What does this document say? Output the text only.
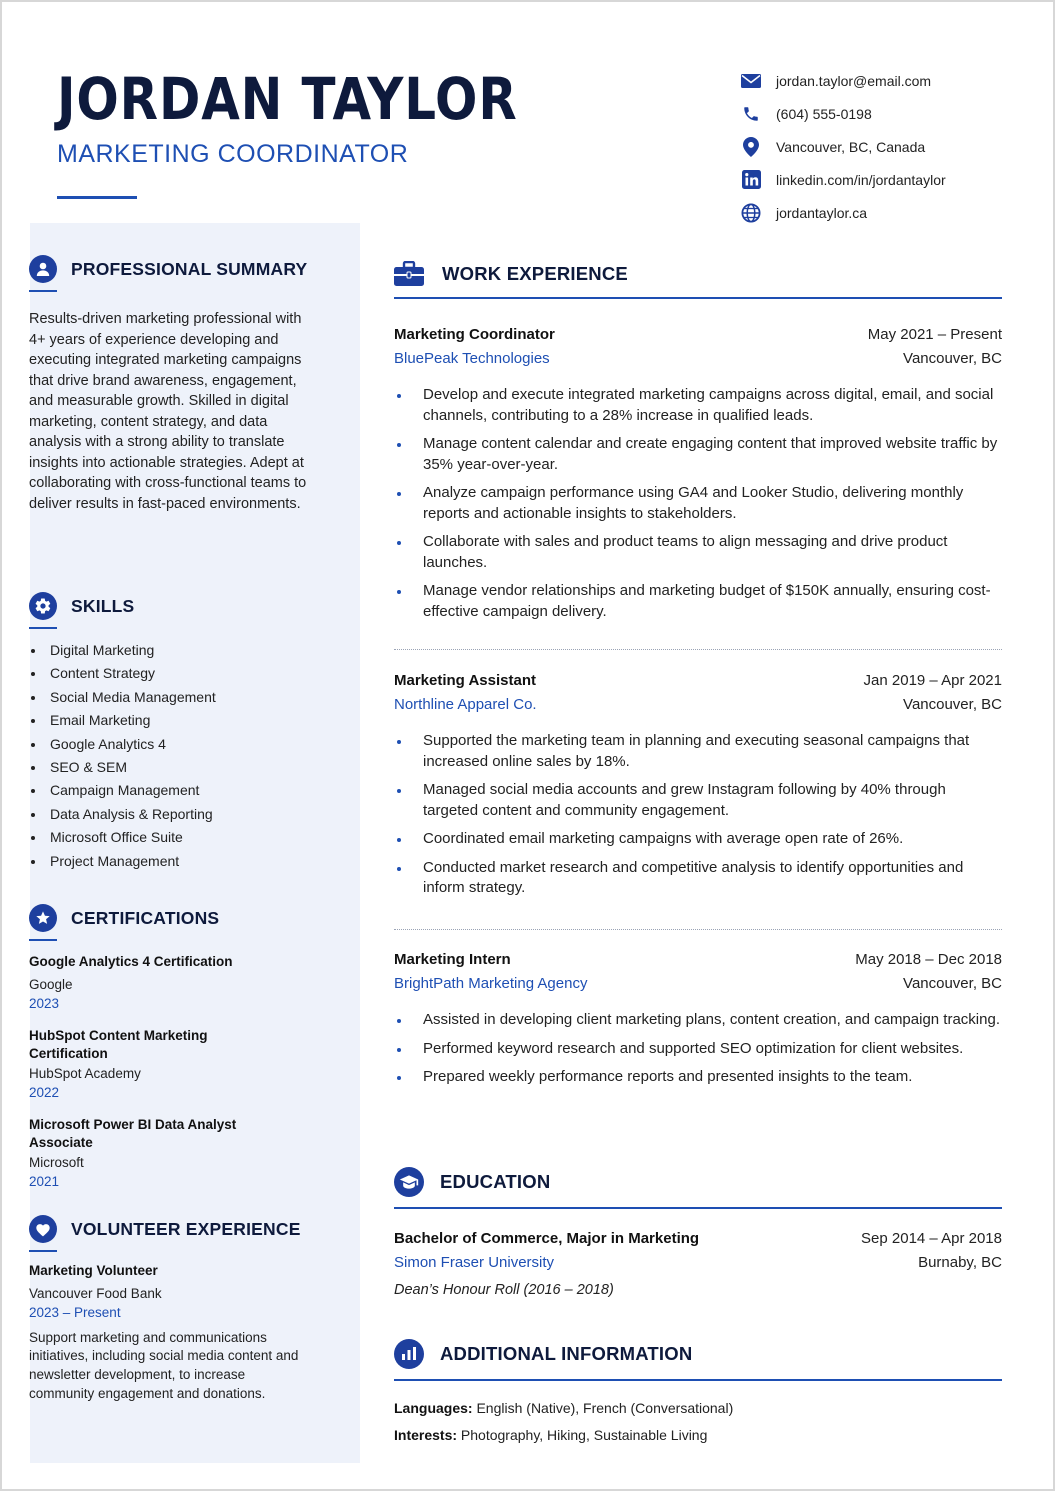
JORDAN TAYLOR
MARKETING COORDINATOR
jordan.taylor@email.com
(604) 555-0198
Vancouver, BC, Canada
linkedin.com/in/jordantaylor
jordantaylor.ca
PROFESSIONAL SUMMARY

Results-driven marketing professional with 4+ years of experience developing and executing integrated marketing campaigns that drive brand awareness, engagement, and measurable growth. Skilled in digital marketing, content strategy, and data analysis with a strong ability to translate insights into actionable strategies. Adept at collaborating with cross-functional teams to deliver results in fast-paced environments.

SKILLS
Digital Marketing
Content Strategy
Social Media Management
Email Marketing
Google Analytics 4
SEO & SEM
Campaign Management
Data Analysis & Reporting
Microsoft Office Suite
Project Management
CERTIFICATIONS
Google Analytics 4 Certification
Google
2023
HubSpot Content Marketing Certification
HubSpot Academy
2022
Microsoft Power BI Data Analyst Associate
Microsoft
2021
VOLUNTEER EXPERIENCE
Marketing Volunteer
Vancouver Food Bank
2023 – Present

Support marketing and communications initiatives, including social media content and newsletter development, to increase community engagement and donations.

WORK EXPERIENCE
Marketing Coordinator	May 2021 – Present
BluePeak Technologies	Vancouver, BC
Develop and execute integrated marketing campaigns across digital, email, and social channels, contributing to a 28% increase in qualified leads.
Manage content calendar and create engaging content that improved website traffic by 35% year-over-year.
Analyze campaign performance using GA4 and Looker Studio, delivering monthly reports and actionable insights to stakeholders.
Collaborate with sales and product teams to align messaging and drive product launches.
Manage vendor relationships and marketing budget of $150K annually, ensuring cost-effective campaign delivery.
Marketing Assistant	Jan 2019 – Apr 2021
Northline Apparel Co.	Vancouver, BC
Supported the marketing team in planning and executing seasonal campaigns that increased online sales by 18%.
Managed social media accounts and grew Instagram following by 40% through targeted content and community engagement.
Coordinated email marketing campaigns with average open rate of 26%.
Conducted market research and competitive analysis to identify opportunities and inform strategy.
Marketing Intern	May 2018 – Dec 2018
BrightPath Marketing Agency	Vancouver, BC
Assisted in developing client marketing plans, content creation, and campaign tracking.
Performed keyword research and supported SEO optimization for client websites.
Prepared weekly performance reports and presented insights to the team.
EDUCATION
Bachelor of Commerce, Major in Marketing	Sep 2014 – Apr 2018
Simon Fraser University	Burnaby, BC
Dean’s Honour Roll (2016 – 2018)
ADDITIONAL INFORMATION
Languages: English (Native), French (Conversational)
Interests: Photography, Hiking, Sustainable Living
